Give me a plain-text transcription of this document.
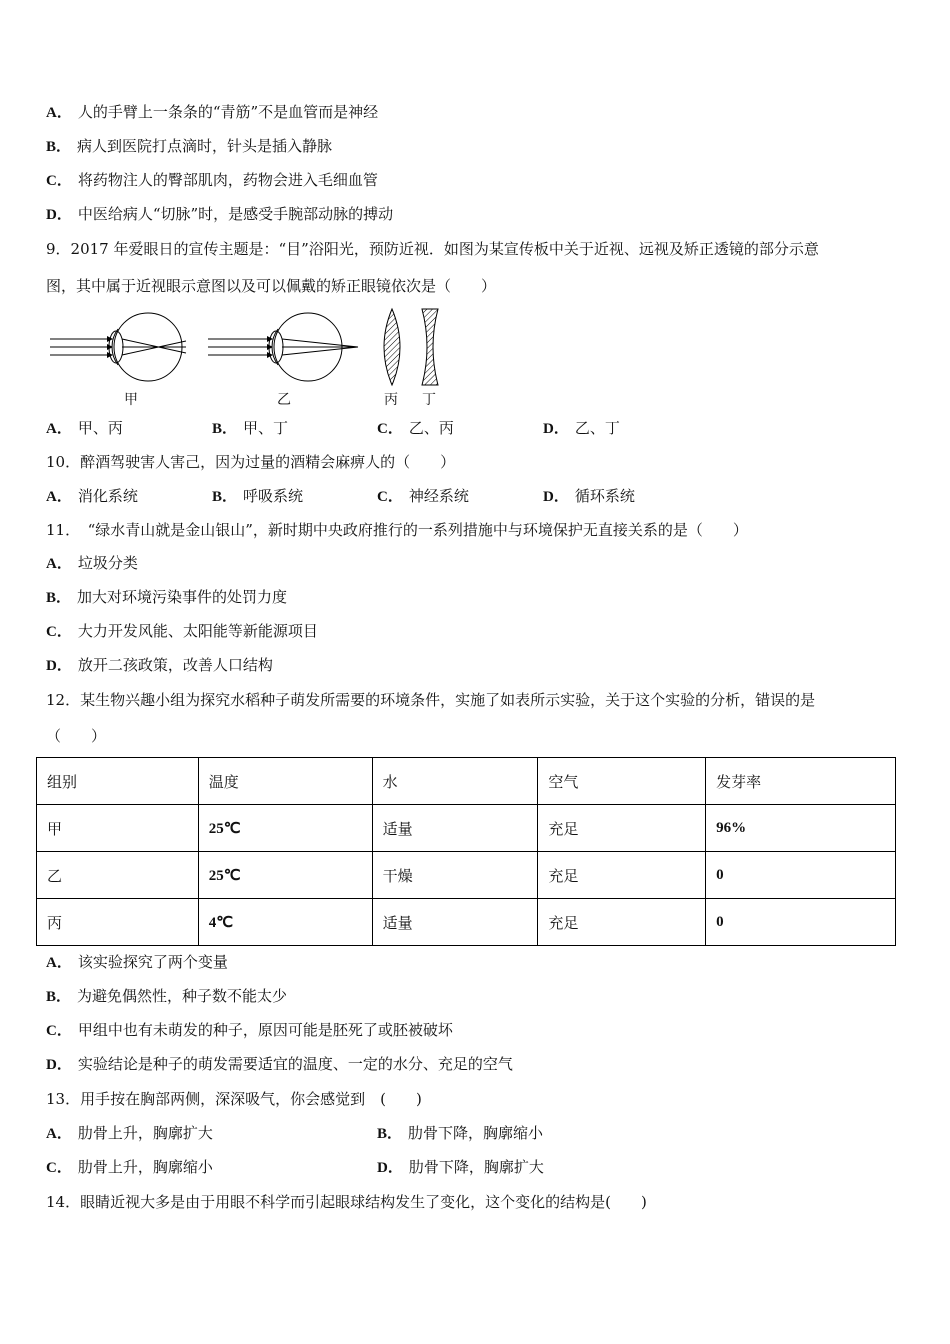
A． 人的手臂上一条条的“青筋”不是血管而是神经
B． 病人到医院打点滴时，针头是插入静脉
C． 将药物注人的臀部肌肉，药物会进入毛细血管
D． 中医给病人“切脉”时，是感受手腕部动脉的搏动
9．2017 年爱眼日的宣传主题是：“目”浴阳光，预防近视．如图为某宣传板中关于近视、远视及矫正透镜的部分示意
图，其中属于近视眼示意图以及可以佩戴的矫正眼镜依次是（　　）
甲	乙	丙 丁
A． 甲、丙	B． 甲、丁	C． 乙、丙	D． 乙、丁
10．醉酒驾驶害人害己，因为过量的酒精会麻痹人的（　　）
A． 消化系统	B． 呼吸系统	C． 神经系统	D． 循环系统
11．　“绿水青山就是金山银山”，新时期中央政府推行的一系列措施中与环境保护无直接关系的是（　　）
A． 垃圾分类
B． 加大对环境污染事件的处罚力度
C． 大力开发风能、太阳能等新能源项目
D． 放开二孩政策，改善人口结构
12．某生物兴趣小组为探究水稻种子萌发所需要的环境条件，实施了如表所示实验，关于这个实验的分析，错误的是
（　　）
组别	温度	水	空气	发芽率
甲	25℃	适量	充足	96%
乙	25℃	干燥	充足	0
丙	4℃	适量	充足	0
A． 该实验探究了两个变量
B． 为避免偶然性，种子数不能太少
C． 甲组中也有未萌发的种子，原因可能是胚死了或胚被破坏
D． 实验结论是种子的萌发需要适宜的温度、一定的水分、充足的空气
13．用手按在胸部两侧，深深吸气，你会感觉到　(　　)
A． 肋骨上升，胸廓扩大	B． 肋骨下降，胸廓缩小
C． 肋骨上升，胸廓缩小	D． 肋骨下降，胸廓扩大
14．眼睛近视大多是由于用眼不科学而引起眼球结构发生了变化，这个变化的结构是(　　)
